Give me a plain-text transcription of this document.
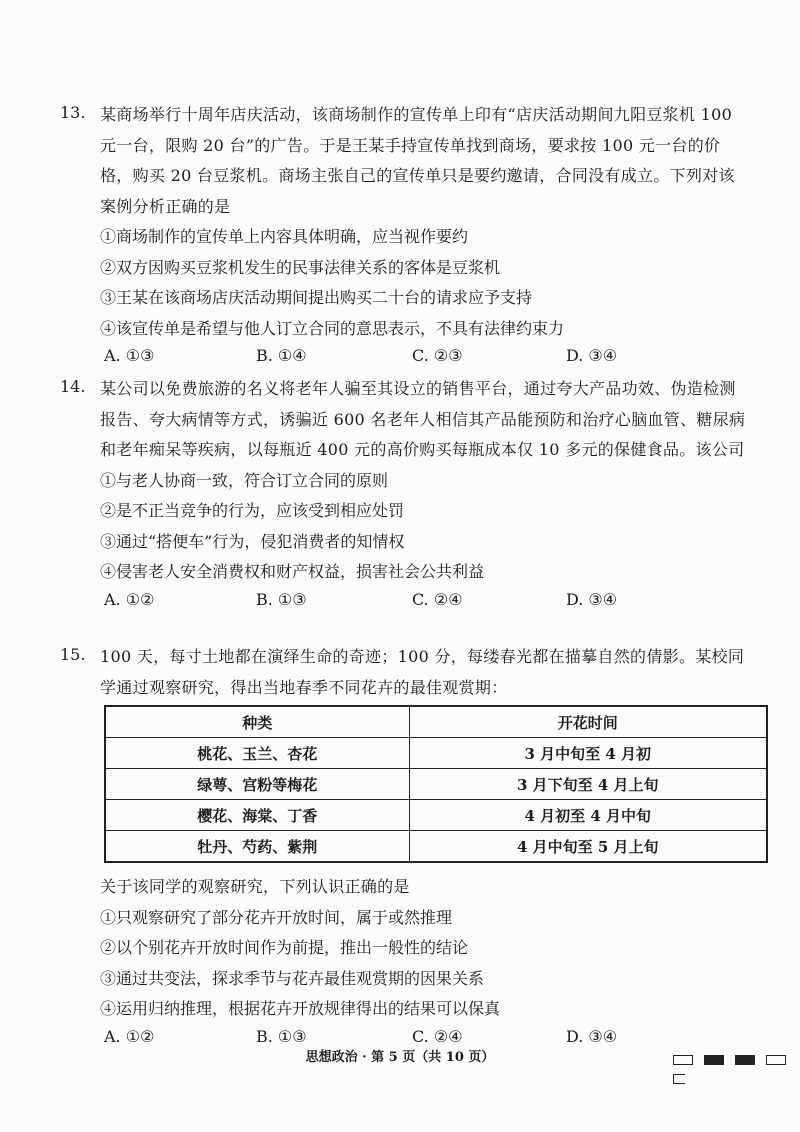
13. 某商场举行十周年店庆活动，该商场制作的宣传单上印有“店庆活动期间九阳豆浆机 100 元一台，限购 20 台”的广告。于是王某手持宣传单找到商场，要求按 100 元一台的价格，购买 20 台豆浆机。商场主张自己的宣传单只是要约邀请，合同没有成立。下列对该案例分析正确的是
①商场制作的宣传单上内容具体明确，应当视作要约
②双方因购买豆浆机发生的民事法律关系的客体是豆浆机
③王某在该商场店庆活动期间提出购买二十台的请求应予支持
④该宣传单是希望与他人订立合同的意思表示，不具有法律约束力
A. ①③	B. ①④	C. ②③	D. ③④
14. 某公司以免费旅游的名义将老年人骗至其设立的销售平台，通过夸大产品功效、伪造检测报告、夸大病情等方式，诱骗近 600 名老年人相信其产品能预防和治疗心脑血管、糖尿病和老年痴呆等疾病，以每瓶近 400 元的高价购买每瓶成本仅 10 多元的保健食品。该公司
①与老人协商一致，符合订立合同的原则
②是不正当竞争的行为，应该受到相应处罚
③通过“搭便车”行为，侵犯消费者的知情权
④侵害老人安全消费权和财产权益，损害社会公共利益
A. ①②	B. ①③	C. ②④	D. ③④
15. 100 天，每寸土地都在演绎生命的奇迹；100 分，每缕春光都在描摹自然的倩影。某校同学通过观察研究，得出当地春季不同花卉的最佳观赏期：
种类	开花时间
桃花、玉兰、杏花	3 月中旬至 4 月初
绿萼、宫粉等梅花	3 月下旬至 4 月上旬
樱花、海棠、丁香	4 月初至 4 月中旬
牡丹、芍药、紫荆	4 月中旬至 5 月上旬
关于该同学的观察研究，下列认识正确的是
①只观察研究了部分花卉开放时间，属于或然推理
②以个别花卉开放时间作为前提，推出一般性的结论
③通过共变法，探求季节与花卉最佳观赏期的因果关系
④运用归纳推理，根据花卉开放规律得出的结果可以保真
A. ①②	B. ①③	C. ②④	D. ③④
思想政治 · 第 5 页（共 10 页）
